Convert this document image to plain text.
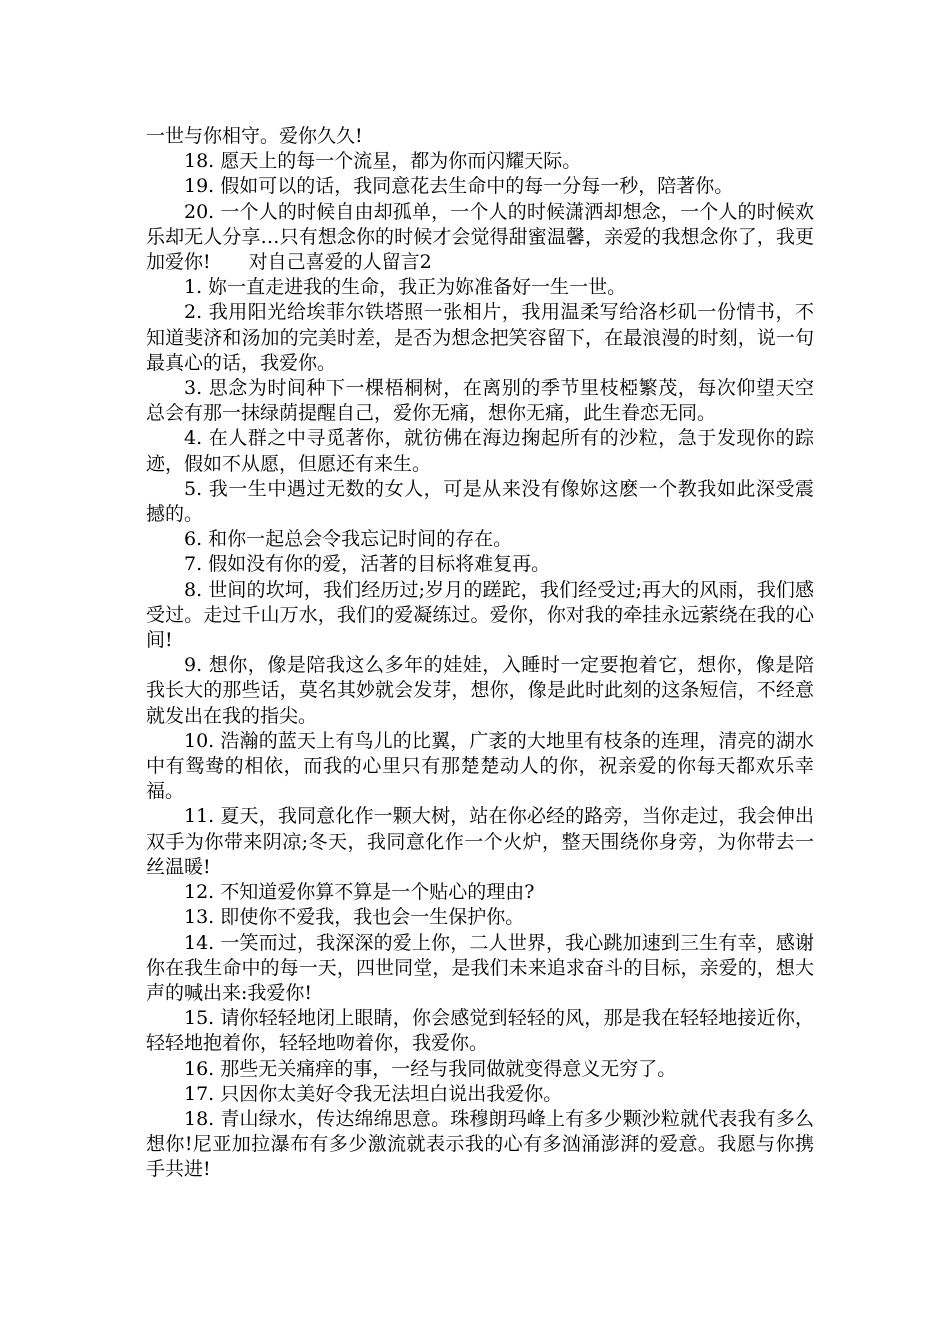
一世与你相守。爱你久久!

18. 愿天上的每一个流星，都为你而闪耀天际。

19. 假如可以的话，我同意花去生命中的每一分每一秒，陪著你。

20. 一个人的时候自由却孤单，一个人的时候潇洒却想念，一个人的时候欢乐却无人分享…只有想念你的时候才会觉得甜蜜温馨，亲爱的我想念你了，我更加爱你!　　对自己喜爱的人留言2

1. 妳一直走进我的生命，我正为妳准备好一生一世。

2. 我用阳光给埃菲尔铁塔照一张相片，我用温柔写给洛杉矶一份情书，不知道斐济和汤加的完美时差，是否为想念把笑容留下，在最浪漫的时刻，说一句最真心的话，我爱你。

3. 思念为时间种下一棵梧桐树，在离别的季节里枝椏繁茂，每次仰望天空总会有那一抹绿荫提醒自己，爱你无痛，想你无痛，此生眷恋无同。

4. 在人群之中寻觅著你，就彷佛在海边掬起所有的沙粒，急于发现你的踪迹，假如不从愿，但愿还有来生。

5. 我一生中遇过无数的女人，可是从来没有像妳这麽一个教我如此深受震撼的。

6. 和你一起总会令我忘记时间的存在。

7. 假如没有你的爱，活著的目标将难复再。

8. 世间的坎坷，我们经历过;岁月的蹉跎，我们经受过;再大的风雨，我们感受过。走过千山万水，我们的爱凝练过。爱你，你对我的牵挂永远萦绕在我的心间!

9. 想你，像是陪我这么多年的娃娃，入睡时一定要抱着它，想你，像是陪我长大的那些话，莫名其妙就会发芽，想你，像是此时此刻的这条短信，不经意就发出在我的指尖。

10. 浩瀚的蓝天上有鸟儿的比翼，广袤的大地里有枝条的连理，清亮的湖水中有鸳鸯的相依，而我的心里只有那楚楚动人的你，祝亲爱的你每天都欢乐幸福。

11. 夏天，我同意化作一颗大树，站在你必经的路旁，当你走过，我会伸出双手为你带来阴凉;冬天，我同意化作一个火炉，整天围绕你身旁，为你带去一丝温暖!

12. 不知道爱你算不算是一个贴心的理由?

13. 即使你不爱我，我也会一生保护你。

14. 一笑而过，我深深的爱上你，二人世界，我心跳加速到三生有幸，感谢你在我生命中的每一天，四世同堂，是我们未来追求奋斗的目标，亲爱的，想大声的喊出来:我爱你!

15. 请你轻轻地闭上眼睛，你会感觉到轻轻的风，那是我在轻轻地接近你，轻轻地抱着你，轻轻地吻着你，我爱你。

16. 那些无关痛痒的事，一经与我同做就变得意义无穷了。

17. 只因你太美好令我无法坦白说出我爱你。

18. 青山绿水，传达绵绵思意。珠穆朗玛峰上有多少颗沙粒就代表我有多么想你!尼亚加拉瀑布有多少激流就表示我的心有多汹涌澎湃的爱意。我愿与你携手共进!
